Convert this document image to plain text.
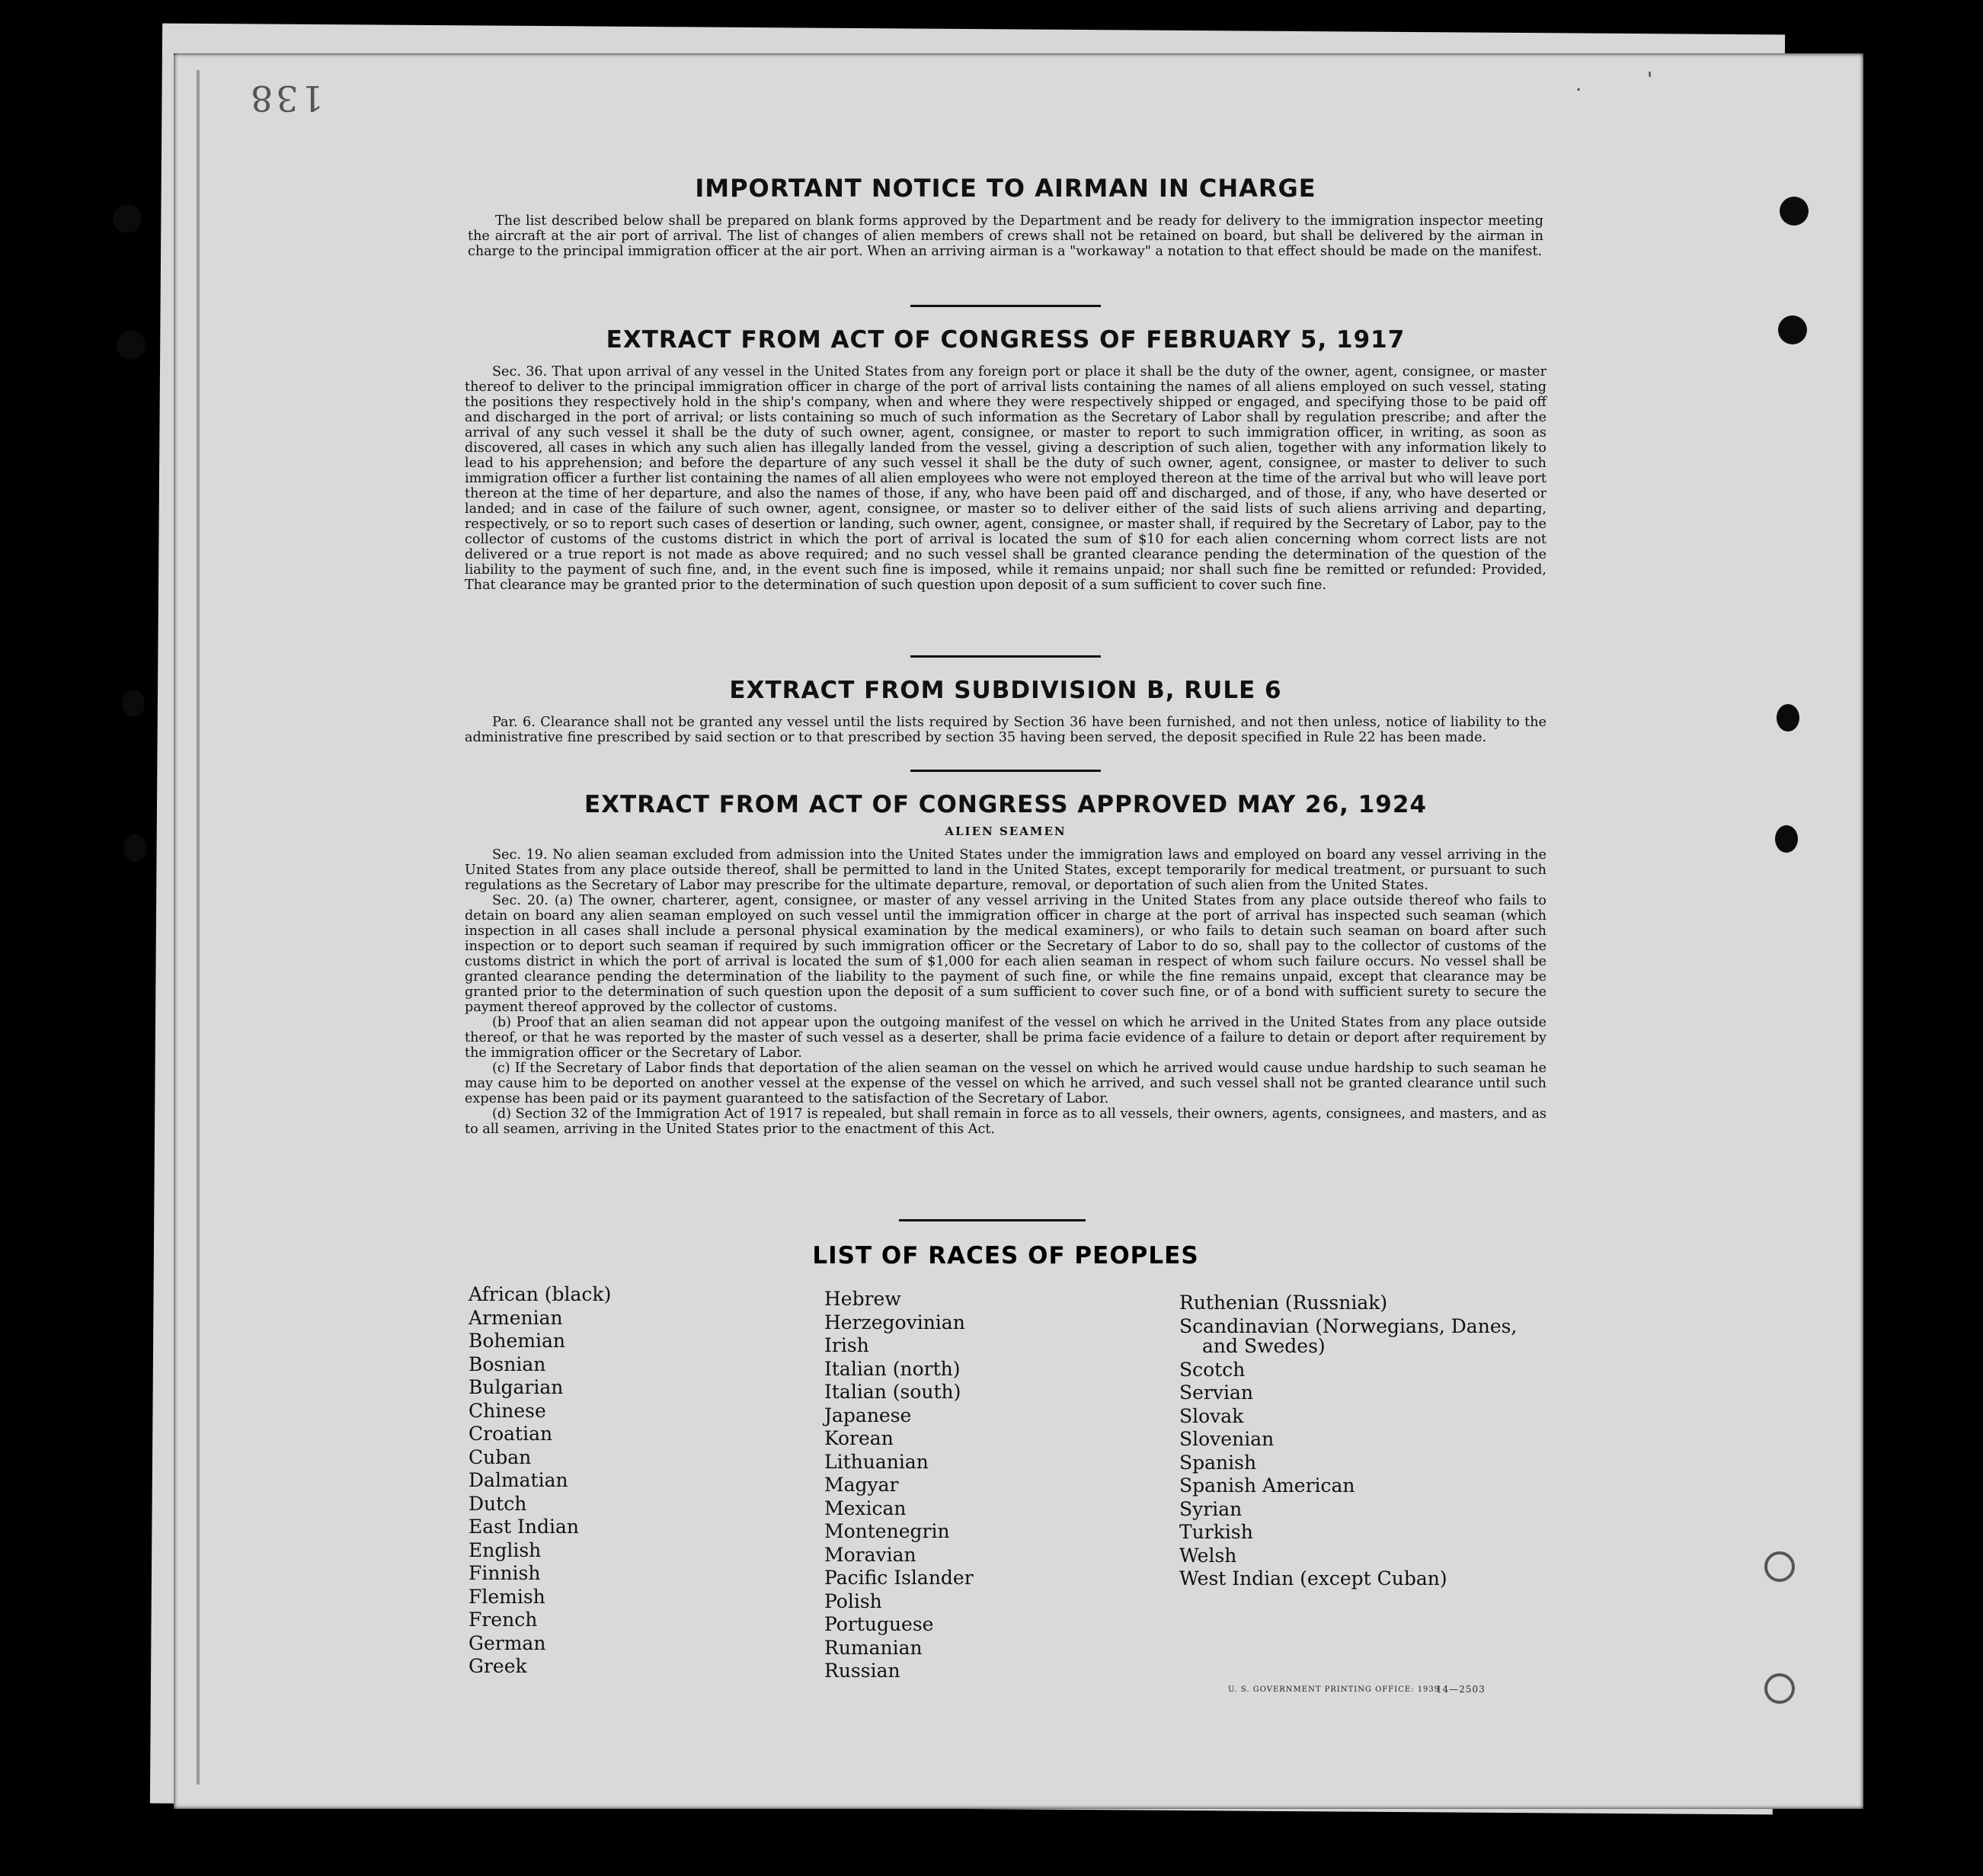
138	.	'
IMPORTANT NOTICE TO AIRMAN IN CHARGE

The list described below shall be prepared on blank forms approved by the Department and be ready for delivery to the immigration inspector meeting the aircraft at the air port of arrival. The list of changes of alien members of crews shall not be retained on board, but shall be delivered by the airman in charge to the principal immigration officer at the air port. When an arriving airman is a "workaway" a notation to that effect should be made on the manifest.

EXTRACT FROM ACT OF CONGRESS OF FEBRUARY 5, 1917

Sec. 36. That upon arrival of any vessel in the United States from any foreign port or place it shall be the duty of the owner, agent, consignee, or master thereof to deliver to the principal immigration officer in charge of the port of arrival lists containing the names of all aliens employed on such vessel, stating the positions they respectively hold in the ship's company, when and where they were respectively shipped or engaged, and specifying those to be paid off and discharged in the port of arrival; or lists containing so much of such information as the Secretary of Labor shall by regulation prescribe; and after the arrival of any such vessel it shall be the duty of such owner, agent, consignee, or master to report to such immigration officer, in writing, as soon as discovered, all cases in which any such alien has illegally landed from the vessel, giving a description of such alien, together with any information likely to lead to his apprehension; and before the departure of any such vessel it shall be the duty of such owner, agent, consignee, or master to deliver to such immigration officer a further list containing the names of all alien employees who were not employed thereon at the time of the arrival but who will leave port thereon at the time of her departure, and also the names of those, if any, who have been paid off and discharged, and of those, if any, who have deserted or landed; and in case of the failure of such owner, agent, consignee, or master so to deliver either of the said lists of such aliens arriving and departing, respectively, or so to report such cases of desertion or landing, such owner, agent, consignee, or master shall, if required by the Secretary of Labor, pay to the collector of customs of the customs district in which the port of arrival is located the sum of $10 for each alien concerning whom correct lists are not delivered or a true report is not made as above required; and no such vessel shall be granted clearance pending the determination of the question of the liability to the payment of such fine, and, in the event such fine is imposed, while it remains unpaid; nor shall such fine be remitted or refunded: Provided, That clearance may be granted prior to the determination of such question upon deposit of a sum sufficient to cover such fine.

EXTRACT FROM SUBDIVISION B, RULE 6

Par. 6. Clearance shall not be granted any vessel until the lists required by Section 36 have been furnished, and not then unless, notice of liability to the administrative fine prescribed by said section or to that prescribed by section 35 having been served, the deposit specified in Rule 22 has been made.

EXTRACT FROM ACT OF CONGRESS APPROVED MAY 26, 1924
ALIEN SEAMEN

Sec. 19. No alien seaman excluded from admission into the United States under the immigration laws and employed on board any vessel arriving in the United States from any place outside thereof, shall be permitted to land in the United States, except temporarily for medical treatment, or pursuant to such regulations as the Secretary of Labor may prescribe for the ultimate departure, removal, or deportation of such alien from the United States.

Sec. 20. (a) The owner, charterer, agent, consignee, or master of any vessel arriving in the United States from any place outside thereof who fails to detain on board any alien seaman employed on such vessel until the immigration officer in charge at the port of arrival has inspected such seaman (which inspection in all cases shall include a personal physical examination by the medical examiners), or who fails to detain such seaman on board after such inspection or to deport such seaman if required by such immigration officer or the Secretary of Labor to do so, shall pay to the collector of customs of the customs district in which the port of arrival is located the sum of $1,000 for each alien seaman in respect of whom such failure occurs. No vessel shall be granted clearance pending the determination of the liability to the payment of such fine, or while the fine remains unpaid, except that clearance may be granted prior to the determination of such question upon the deposit of a sum sufficient to cover such fine, or of a bond with sufficient surety to secure the payment thereof approved by the collector of customs.

(b) Proof that an alien seaman did not appear upon the outgoing manifest of the vessel on which he arrived in the United States from any place outside thereof, or that he was reported by the master of such vessel as a deserter, shall be prima facie evidence of a failure to detain or deport after requirement by the immigration officer or the Secretary of Labor.

(c) If the Secretary of Labor finds that deportation of the alien seaman on the vessel on which he arrived would cause undue hardship to such seaman he may cause him to be deported on another vessel at the expense of the vessel on which he arrived, and such vessel shall not be granted clearance until such expense has been paid or its payment guaranteed to the satisfaction of the Secretary of Labor.

(d) Section 32 of the Immigration Act of 1917 is repealed, but shall remain in force as to all vessels, their owners, agents, consignees, and masters, and as to all seamen, arriving in the United States prior to the enactment of this Act.

LIST OF RACES OF PEOPLES
African (black)
Armenian
Bohemian
Bosnian
Bulgarian
Chinese
Croatian
Cuban
Dalmatian
Dutch
East Indian
English
Finnish
Flemish
French
German
Greek
Hebrew
Herzegovinian
Irish
Italian (north)
Italian (south)
Japanese
Korean
Lithuanian
Magyar
Mexican
Montenegrin
Moravian
Pacific Islander
Polish
Portuguese
Rumanian
Russian
Ruthenian (Russniak)
Scandinavian (Norwegians, Danes,
and Swedes)
Scotch
Servian
Slovak
Slovenian
Spanish
Spanish American
Syrian
Turkish
Welsh
West Indian (except Cuban)
U. S. GOVERNMENT PRINTING OFFICE: 1939
14—2503
